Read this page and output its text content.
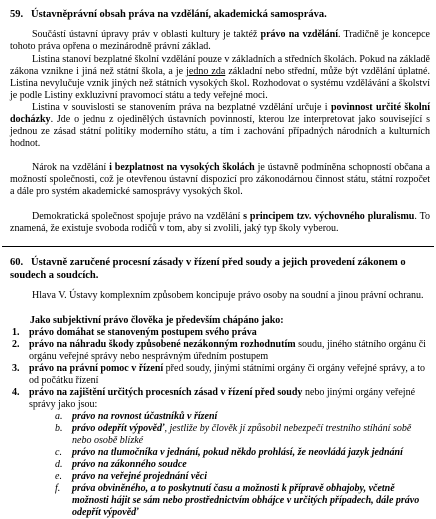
59. Ústavněprávní obsah práva na vzdělání, akademická samospráva.
Součástí ústavní úpravy práv v oblasti kultury je taktéž právo na vzdělání. Tradičně je koncepce tohoto práva opřena o mezinárodně právní základ.
Listina stanoví bezplatné školní vzdělání pouze v základních a středních školách. Pokud na základě zákona vznikne i jiná než státní škola, a je jedno zda základní nebo střední, může být vzdělání úplatné. Listina nevylučuje vznik jiných než státních vysokých škol. Rozhodovat o systému vzdělávání a školství je podle Listiny exkluzivní pravomocí státu a tedy veřejné moci.
Listina v souvislosti se stanovením práva na bezplatné vzdělání určuje i povinnost určité školní docházky. Jde o jednu z ojedinělých ústavních povinností, kterou lze interpretovat jako související s jednou ze zásad státní politiky moderního státu, a tím i zachování případných národních a kulturních hodnot.
Nárok na vzdělání i bezplatnost na vysokých školách je ústavně podmíněna schopností občana a možností společnosti, což je otevřenou ústavní dispozicí pro zákonodárnou činnost státu, státní rozpočet a dále pro systém akademické samosprávy vysokých škol.
Demokratická společnost spojuje právo na vzdělání s principem tzv. výchovného pluralismu. To znamená, že existuje svoboda rodičů v tom, aby si zvolili, jaký typ školy vyberou.
60. Ústavně zaručené procesní zásady v řízení před soudy a jejich provedení zákonem o soudech a soudcích.
Hlava V. Ústavy komplexním způsobem koncipuje právo osoby na soudní a jinou právní ochranu.
Jako subjektivní právo člověka je především chápáno jako:
1. právo domáhat se stanoveným postupem svého práva
2. právo na náhradu škody způsobené nezákonným rozhodnutím soudu, jiného státního orgánu či orgánu veřejné správy nebo nesprávným úředním postupem
3. právo na právní pomoc v řízení před soudy, jinými státními orgány či orgány veřejné správy, a to od počátku řízení
4. právo na zajištění určitých procesních zásad v řízení před soudy nebo jinými orgány veřejné správy jako jsou:
a. právo na rovnost účastníků v řízení
b. právo odepřít výpověď, jestliže by člověk jí způsobil nebezpečí trestního stíhání sobě nebo osobě blízké
c. právo na tlumočníka v jednání, pokud někdo prohlásí, že neovládá jazyk jednání
d. právo na zákonného soudce
e. právo na veřejné projednání věci
f. práva obviněného, a to poskytnutí času a možnosti k přípravě obhajoby, včetně možnosti hájit se sám nebo prostřednictvím obhájce v určitých případech, dále právo odepřít výpověď
